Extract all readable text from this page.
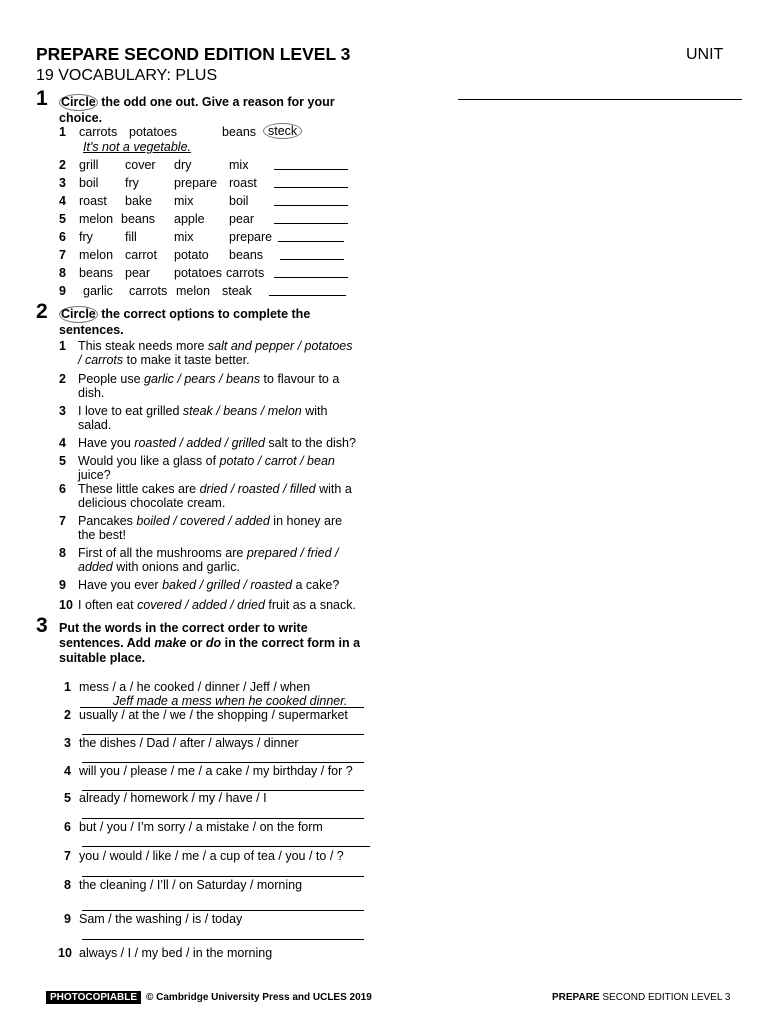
PREPARE SECOND EDITION LEVEL 3	UNIT
19 VOCABULARY: PLUS
1 Circle the odd one out. Give a reason for your choice.
1 carrots potatoes	beans steck
It's not a vegetable.
2 grill cover dry	mix
3 boil fry	prepare roast
4 roast bake mix	boil
5 melon beans apple pear
6 fry	fill	mix	prepare
7 melon carrot potato beans
8 beans pear potatoes carrots
9 garlic carrots melon steak
2 Circle the correct options to complete the sentences.
1 This steak needs more salt and pepper / potatoes / carrots to make it taste better.
2 People use garlic / pears / beans to flavour to a dish.
3 I love to eat grilled steak / beans / melon with salad.
4 Have you roasted / added / grilled salt to the dish?
5 Would you like a glass of potato / carrot / bean juice?
6 These little cakes are dried / roasted / filled with a delicious chocolate cream.
7 Pancakes boiled / covered / added in honey are the best!
8 First of all the mushrooms are prepared / fried / added with onions and garlic.
9 Have you ever baked / grilled / roasted a cake?
10 I often eat covered / added / dried fruit as a snack.
3 Put the words in the correct order to write sentences. Add make or do in the correct form in a suitable place.
1 mess / a / he cooked / dinner / Jeff / when
Jeff made a mess when he cooked dinner.
2 usually / at the / we / the shopping / supermarket
3 the dishes / Dad / after / always / dinner
4 will you / please / me / a cake / my birthday / for ?
5 already / homework / my / have / I
6 but / you / I’m sorry / a mistake / on the form
7 you / would / like / me / a cup of tea / you / to / ?
8 the cleaning / I’ll / on Saturday / morning
9 Sam / the washing / is / today
10 always / I / my bed / in the morning
PHOTOCOPIABLE © Cambridge University Press and UCLES 2019	PREPARE SECOND EDITION LEVEL 3
